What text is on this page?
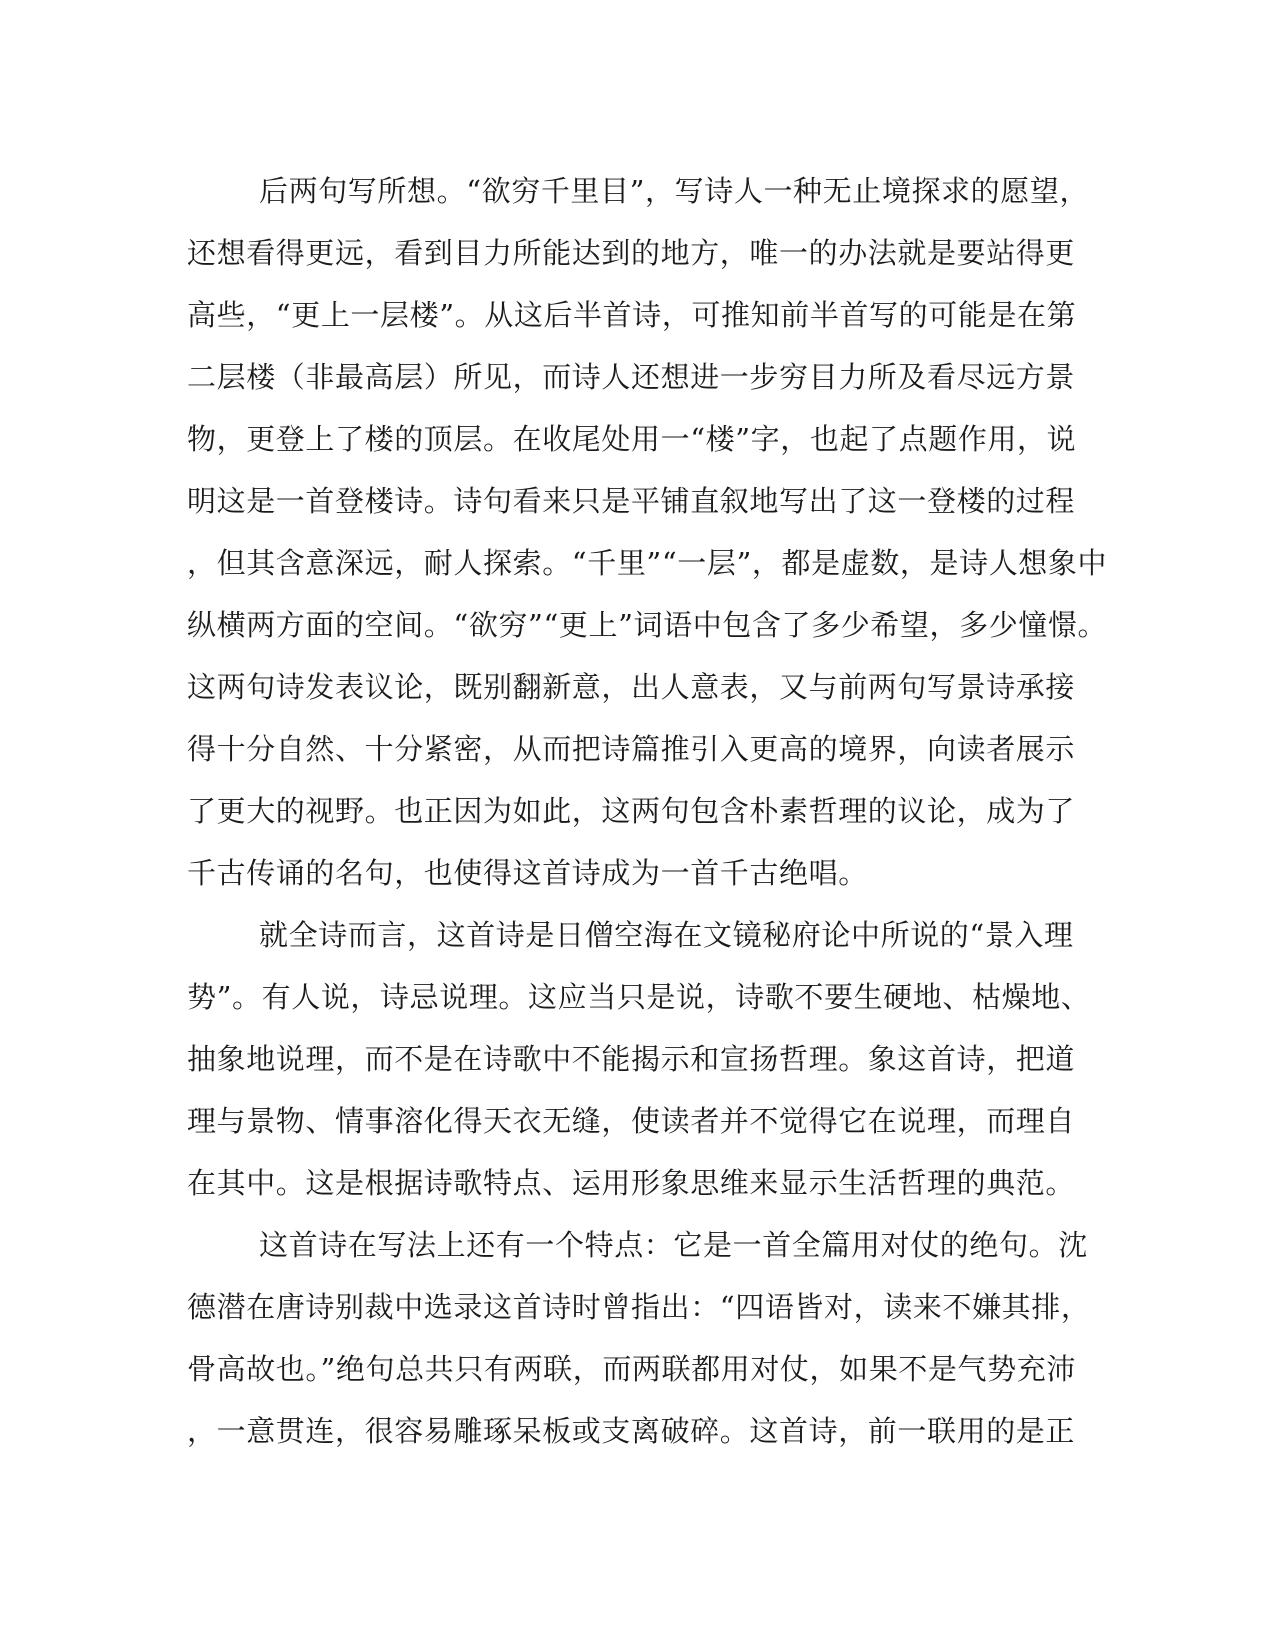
后两句写所想。“欲穷千里目”，写诗人一种无止境探求的愿望，
还想看得更远，看到目力所能达到的地方，唯一的办法就是要站得更
高些，“更上一层楼”。从这后半首诗，可推知前半首写的可能是在第
二层楼（非最高层）所见，而诗人还想进一步穷目力所及看尽远方景
物，更登上了楼的顶层。在收尾处用一“楼”字，也起了点题作用，说
明这是一首登楼诗。诗句看来只是平铺直叙地写出了这一登楼的过程
，但其含意深远，耐人探索。“千里”“一层”，都是虚数，是诗人想象中
纵横两方面的空间。“欲穷”“更上”词语中包含了多少希望，多少憧憬。
这两句诗发表议论，既别翻新意，出人意表，又与前两句写景诗承接
得十分自然、十分紧密，从而把诗篇推引入更高的境界，向读者展示
了更大的视野。也正因为如此，这两句包含朴素哲理的议论，成为了
千古传诵的名句，也使得这首诗成为一首千古绝唱。
就全诗而言，这首诗是日僧空海在文镜秘府论中所说的“景入理
势”。有人说，诗忌说理。这应当只是说，诗歌不要生硬地、枯燥地、
抽象地说理，而不是在诗歌中不能揭示和宣扬哲理。象这首诗，把道
理与景物、情事溶化得天衣无缝，使读者并不觉得它在说理，而理自
在其中。这是根据诗歌特点、运用形象思维来显示生活哲理的典范。
这首诗在写法上还有一个特点：它是一首全篇用对仗的绝句。沈
德潜在唐诗别裁中选录这首诗时曾指出：“四语皆对，读来不嫌其排，
骨高故也。”绝句总共只有两联，而两联都用对仗，如果不是气势充沛
，一意贯连，很容易雕琢呆板或支离破碎。这首诗，前一联用的是正
